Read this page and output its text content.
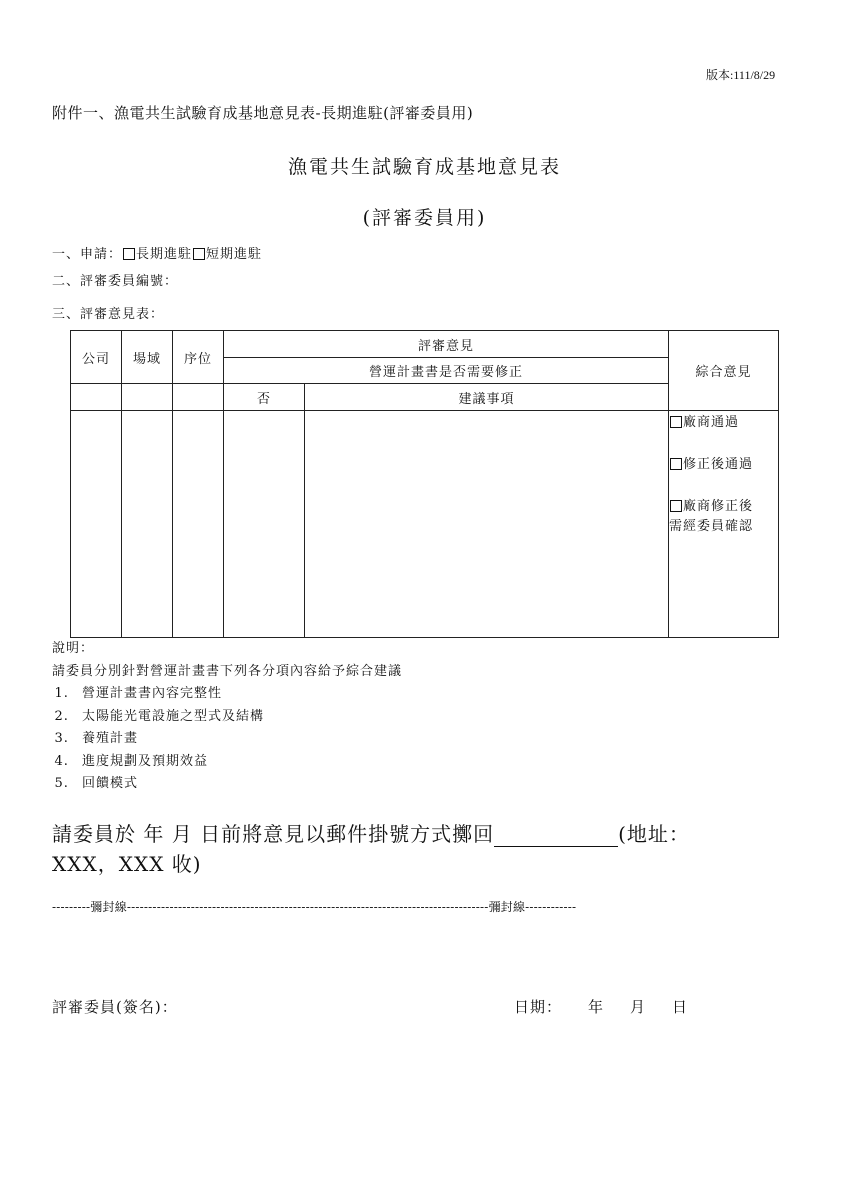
版本:111/8/29
附件一、漁電共生試驗育成基地意見表-長期進駐(評審委員用)
漁電共生試驗育成基地意見表
(評審委員用)
一、申請： 長期進駐 短期進駐
二、評審委員編號：
三、評審意見表：
公司	場域	序位	評審意見		綜合意見
			營運計畫書是否需要修正		
			否	建議事項	

					廠商通過
修正後通過
廠商修正後
需經委員確認
說明：
請委員分別針對營運計畫書下列各分項內容給予綜合建議
1. 營運計畫書內容完整性
2. 太陽能光電設施之型式及結構
3. 養殖計畫
4. 進度規劃及預期效益
5. 回饋模式
請委員於 年 月 日前將意見以郵件掛號方式擲回	(地址：
XXX，XXX 收)
---------彌封線-------------------------------------------------------------------------------------彌封線------------
評審委員(簽名)：	日期： 年 月 日
